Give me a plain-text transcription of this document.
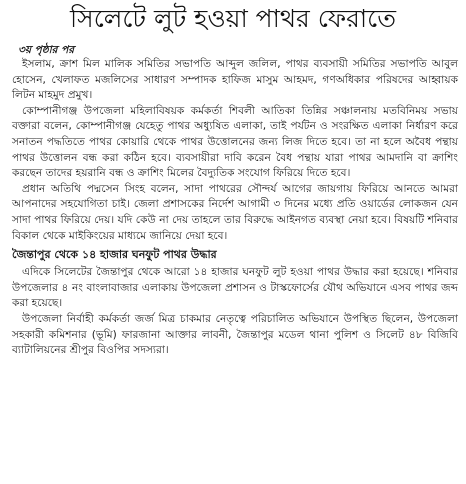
সিলেটে লুট হওয়া পাথর ফেরাতে
৩য় পৃষ্ঠার পর

ইসলাম, ক্রাশ মিল মালিক সমিতির সভাপতি আব্দুল জলিল, পাথর ব্যবসায়ী সমিতির সভাপতি আবুল হোসেন, খেলাফত মজলিসের সাধারণ সম্পাদক হাফিজ মাসুম আহমদ, গণঅধিকার পরিষদের আহ্বায়ক লিটন মাহমুদ প্রমুখ।

কোম্পানীগঞ্জ উপজেলা মহিলাবিষয়ক কর্মকর্তা শিবলী আতিকা তিন্নির সঞ্চালনায় মতবিনিময় সভায় বক্তারা বলেন, কোম্পানীগঞ্জ যেহেতু পাথর অধ্যুষিত এলাকা, তাই পর্যটন ও সংরক্ষিত এলাকা নির্ধারণ করে সনাতন পদ্ধতিতে পাথর কোয়ারি থেকে পাথর উত্তোলনের জন্য লিজ দিতে হবে। তা না হলে অবৈধ পন্থায় পাথর উত্তোলন বন্ধ করা কঠিন হবে। ব্যবসায়ীরা দাবি করেন বৈধ পন্থায় যারা পাথর আমদানি বা ক্রাশিং করছেন তাদের হয়রানি বন্ধ ও ক্রাশিং মিলের বৈদ্যুতিক সংযোগ ফিরিয়ে দিতে হবে।

প্রধান অতিথি পদ্মসেন সিংহ বলেন, সাদা পাথরের সৌন্দর্য আগের জায়গায় ফিরিয়ে আনতে আমরা আপনাদের সহযোগিতা চাই। জেলা প্রশাসকের নির্দেশ আগামী ৩ দিনের মধ্যে প্রতি ওয়ার্ডের লোকজন যেন সাদা পাথর ফিরিয়ে দেয়। যদি কেউ না দেয় তাহলে তার বিরুদ্ধে আইনগত ব্যবস্থা নেয়া হবে। বিষয়টি শনিবার বিকাল থেকে মাইকিংয়ের মাধ্যমে জানিয়ে দেয়া হবে।

জৈন্তাপুর থেকে ১৪ হাজার ঘনফুট পাথর উদ্ধার

এদিকে সিলেটের জৈন্তাপুর থেকে আরো ১৪ হাজার ঘনফুট লুট হওয়া পাথর উদ্ধার করা হয়েছে। শনিবার উপজেলার ৪ নং বাংলাবাজার এলাকায় উপজেলা প্রশাসন ও টাস্কফোর্সের যৌথ অভিযানে এসব পাথর জব্দ করা হয়েছে।

উপজেলা নির্বাহী কর্মকর্তা জর্জ মিত্র চাকমার নেতৃত্বে পরিচালিত অভিযানে উপস্থিত ছিলেন, উপজেলা সহকারী কমিশনার (ভূমি) ফারজানা আক্তার লাবনী, জৈন্তাপুর মডেল থানা পুলিশ ও সিলেট ৪৮ বিজিবি ব্যাটালিয়নের শ্রীপুর বিওপির সদস্যরা।
